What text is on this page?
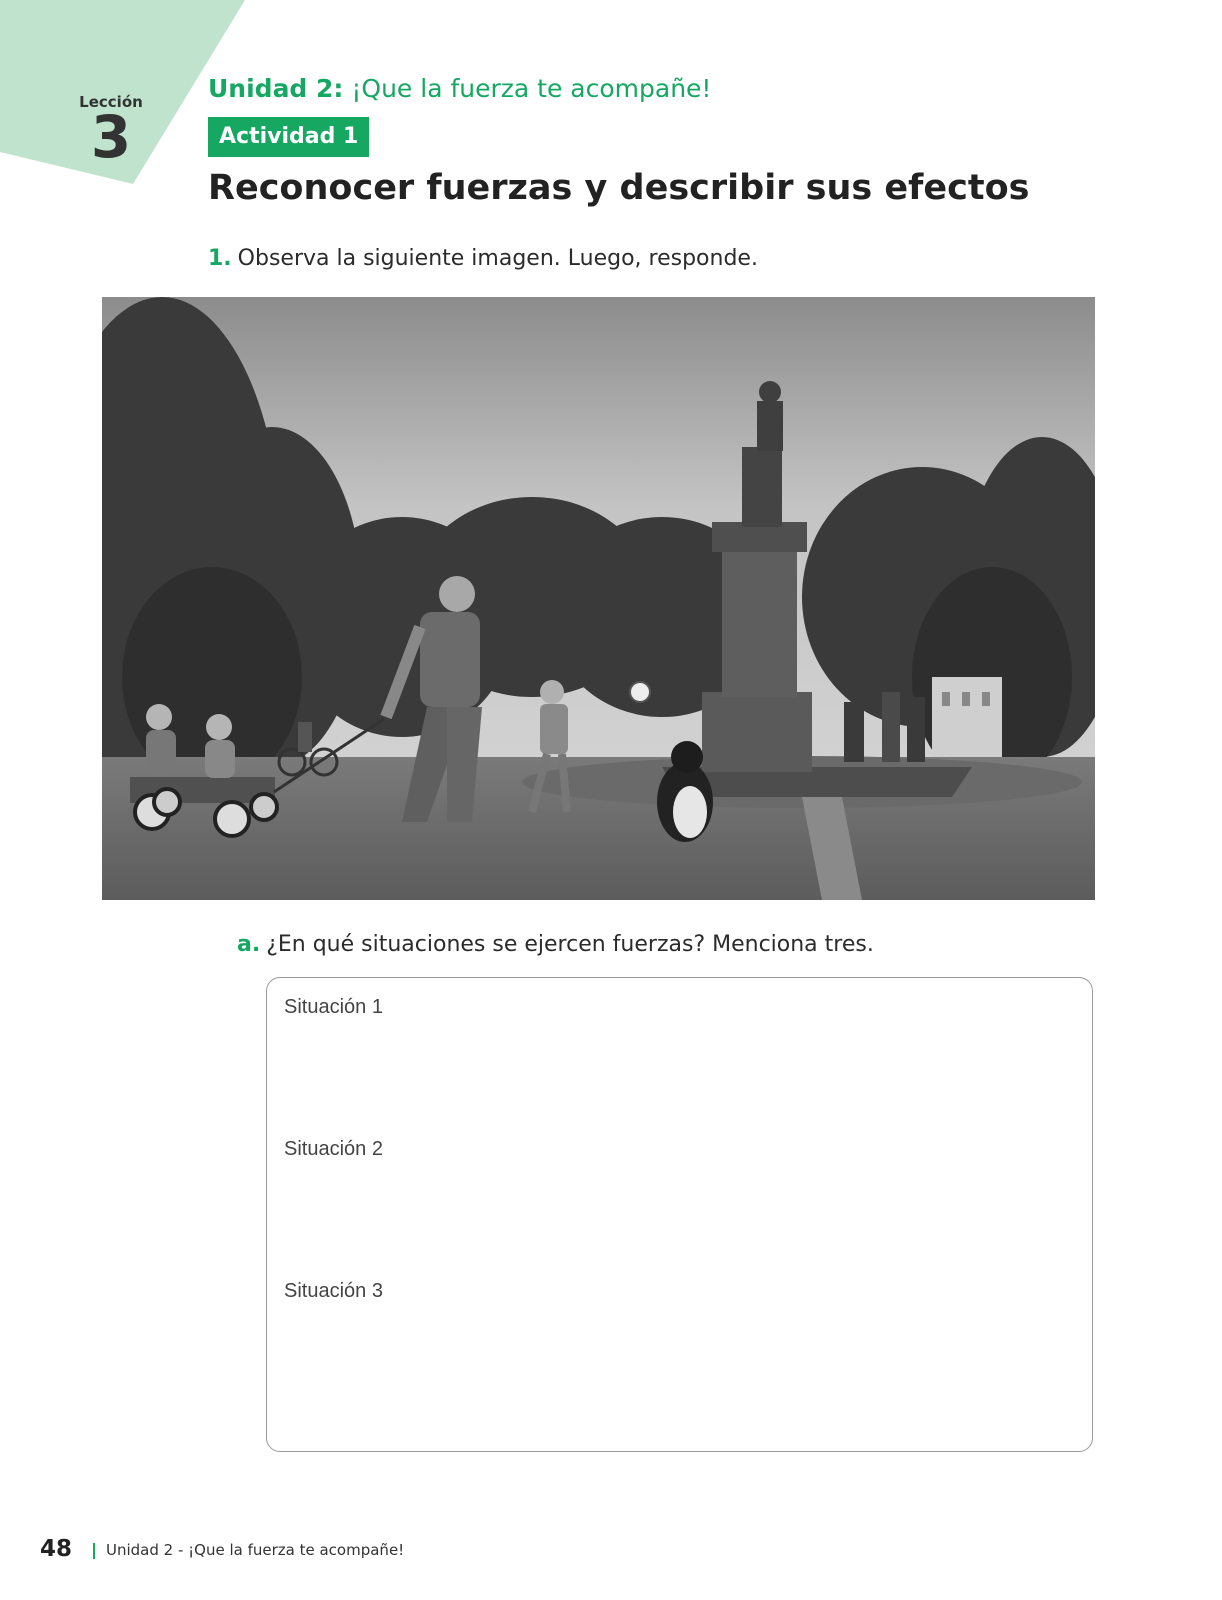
Lección
3
Unidad 2: ¡Que la fuerza te acompañe!
Actividad 1
Reconocer fuerzas y describir sus efectos
1. Observa la siguiente imagen. Luego, responde.
a. ¿En qué situaciones se ejercen fuerzas? Menciona tres.
Situación 1
Situación 2
Situación 3
48 Unidad 2 - ¡Que la fuerza te acompañe!
